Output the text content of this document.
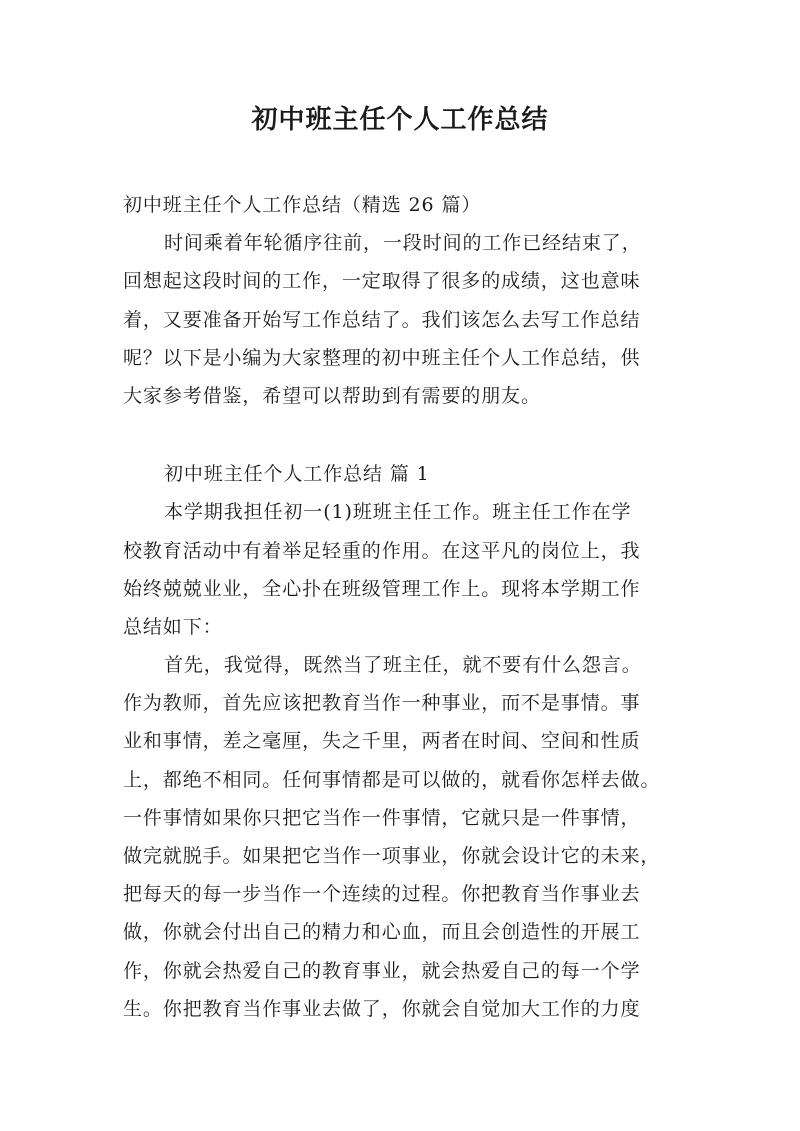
初中班主任个人工作总结

初中班主任个人工作总结（精选 26 篇）

时间乘着年轮循序往前，一段时间的工作已经结束了，

回想起这段时间的工作，一定取得了很多的成绩，这也意味

着，又要准备开始写工作总结了。我们该怎么去写工作总结

呢？以下是小编为大家整理的初中班主任个人工作总结，供

大家参考借鉴，希望可以帮助到有需要的朋友。

初中班主任个人工作总结 篇 1

本学期我担任初一(1)班班主任工作。班主任工作在学

校教育活动中有着举足轻重的作用。在这平凡的岗位上，我

始终兢兢业业，全心扑在班级管理工作上。现将本学期工作

总结如下：

首先，我觉得，既然当了班主任，就不要有什么怨言。

作为教师，首先应该把教育当作一种事业，而不是事情。事

业和事情，差之毫厘，失之千里，两者在时间、空间和性质

上，都绝不相同。任何事情都是可以做的，就看你怎样去做。

一件事情如果你只把它当作一件事情，它就只是一件事情，

做完就脱手。如果把它当作一项事业，你就会设计它的未来，

把每天的每一步当作一个连续的过程。你把教育当作事业去

做，你就会付出自己的精力和心血，而且会创造性的开展工

作，你就会热爱自己的教育事业，就会热爱自己的每一个学

生。你把教育当作事业去做了，你就会自觉加大工作的力度
